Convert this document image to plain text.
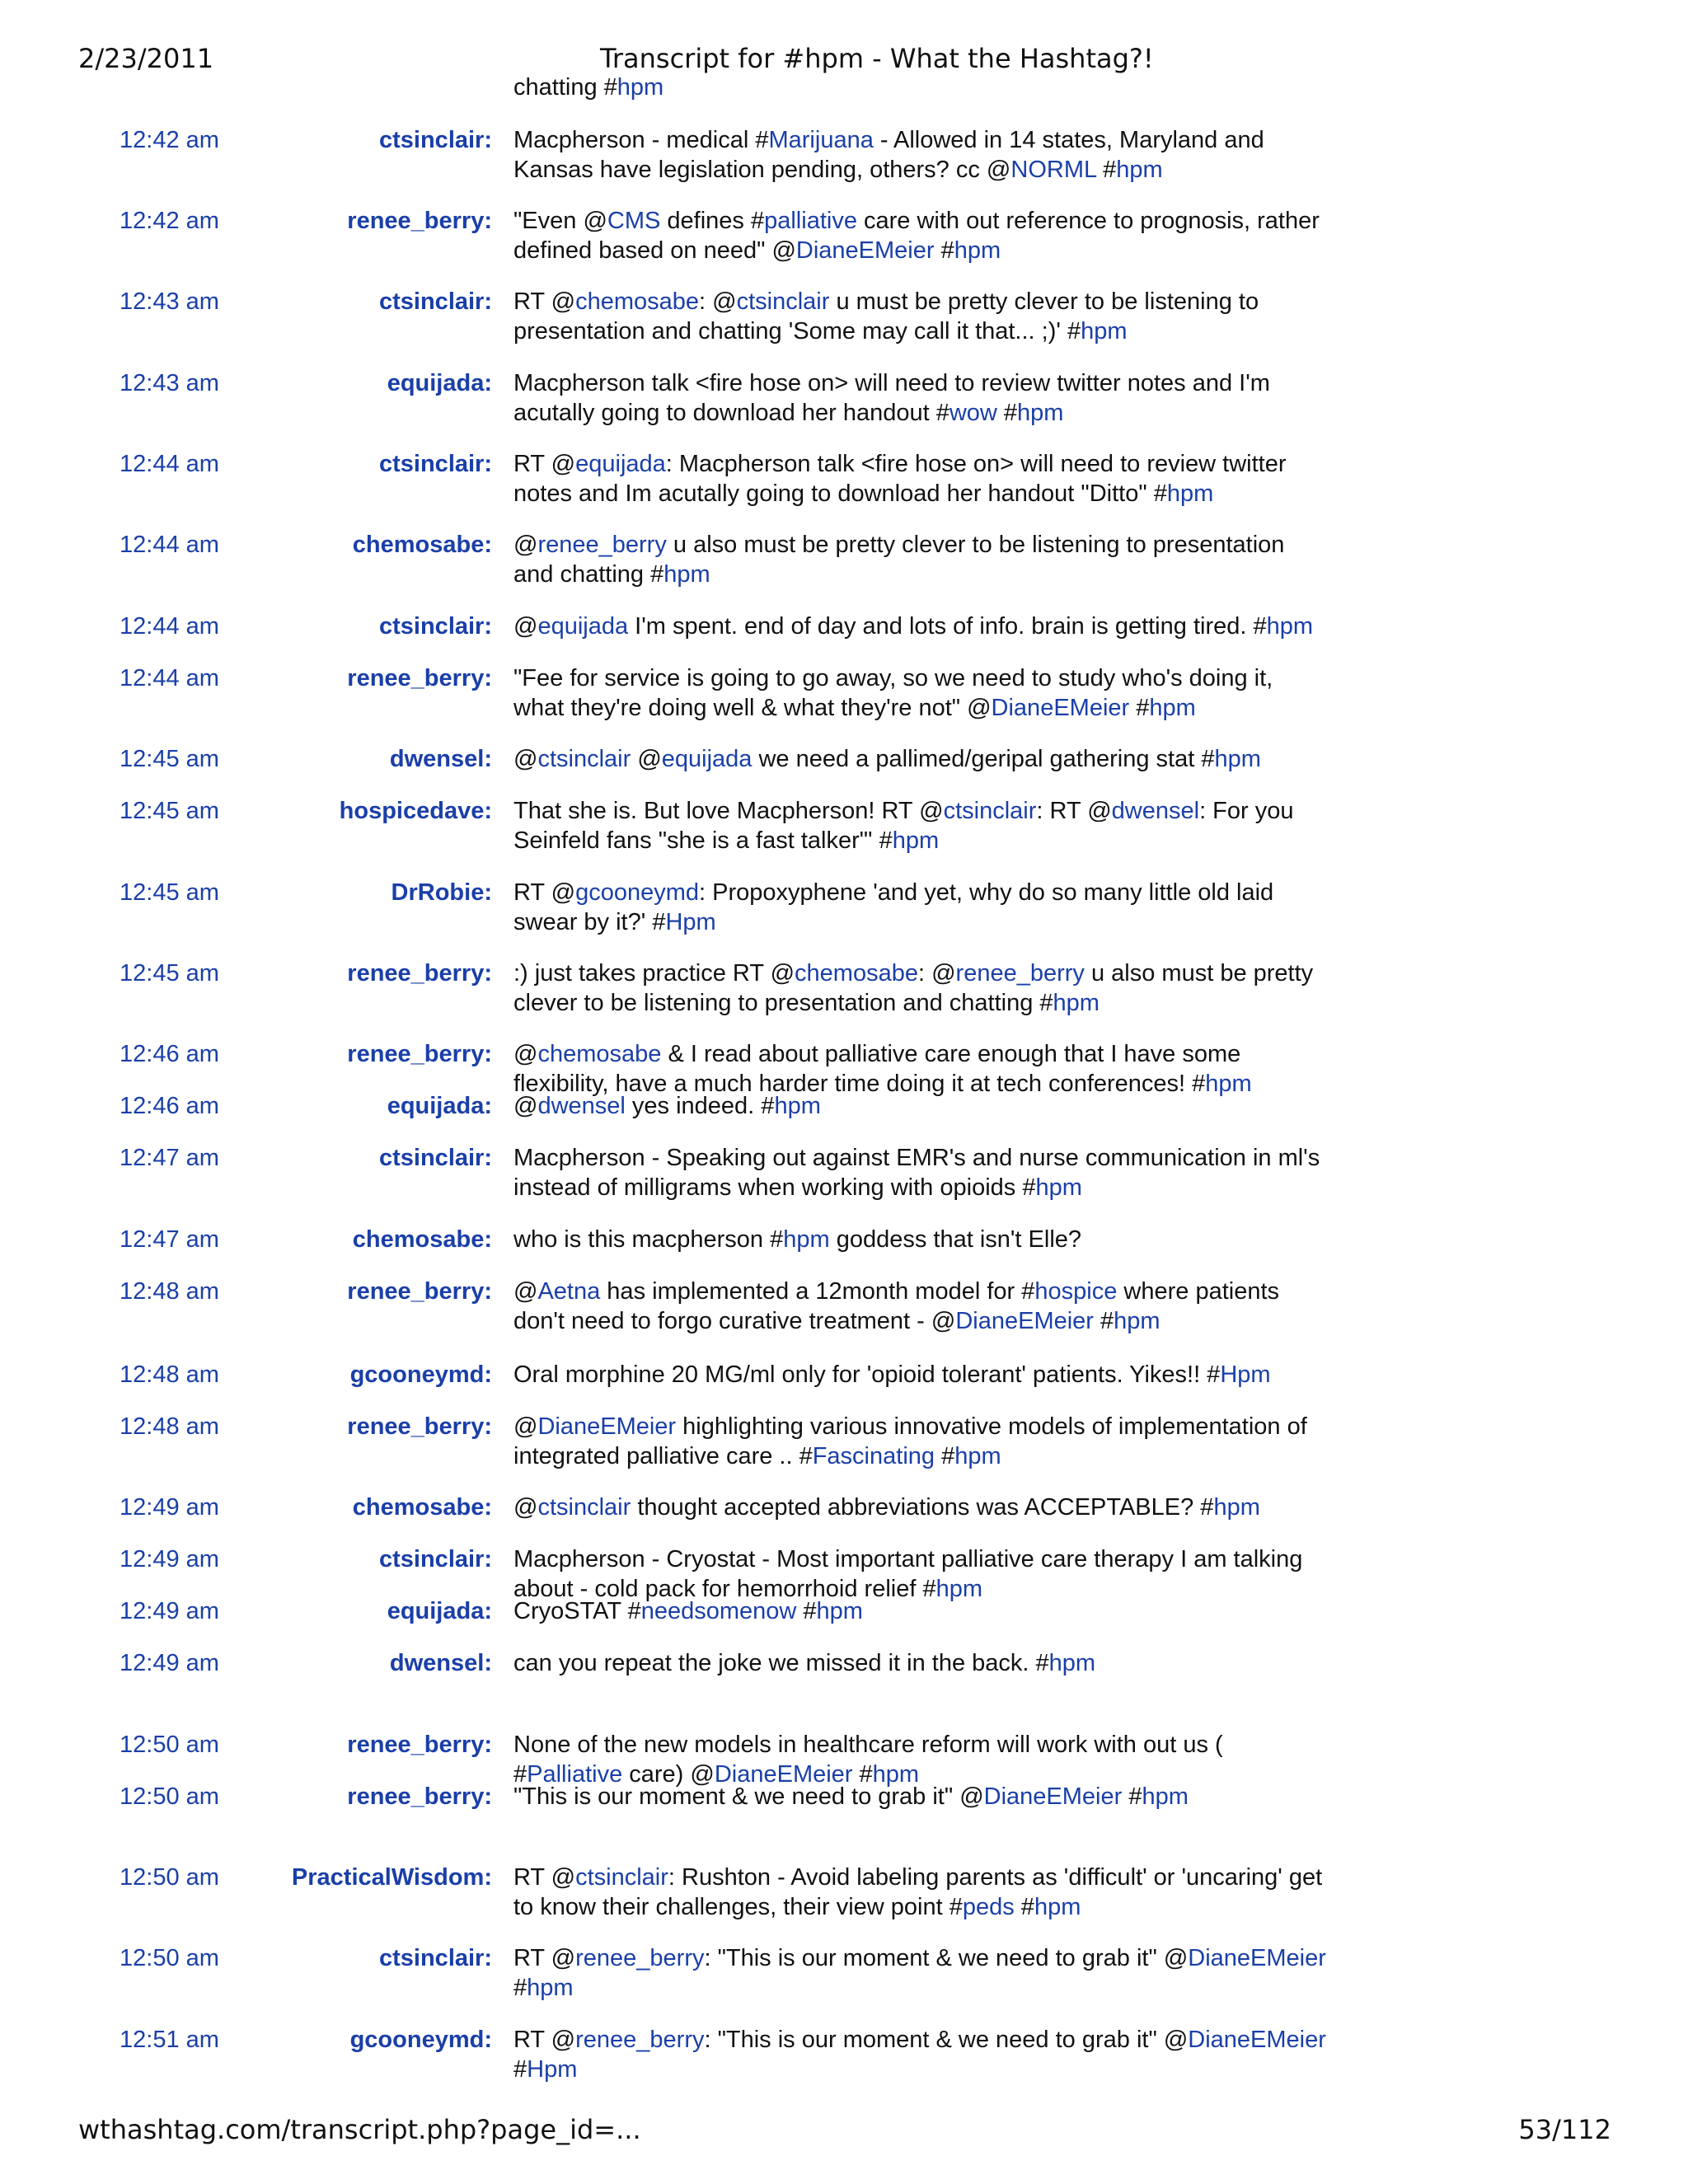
2/23/2011	Transcript for #hpm - What the Hashtag?!
chatting #hpm
12:42 am	ctsinclair: Macpherson - medical #Marijuana - Allowed in 14 states, Maryland and
Kansas have legislation pending, others? cc @NORML #hpm
12:42 am	renee_berry: "Even @CMS defines #palliative care with out reference to prognosis, rather
defined based on need" @DianeEMeier #hpm
12:43 am	ctsinclair: RT @chemosabe: @ctsinclair u must be pretty clever to be listening to
presentation and chatting 'Some may call it that... ;)' #hpm
12:43 am	equijada: Macpherson talk <fire hose on> will need to review twitter notes and I'm
acutally going to download her handout #wow #hpm
12:44 am	ctsinclair: RT @equijada: Macpherson talk <fire hose on> will need to review twitter
notes and Im acutally going to download her handout "Ditto" #hpm
12:44 am	chemosabe: @renee_berry u also must be pretty clever to be listening to presentation
and chatting #hpm
12:44 am	ctsinclair: @equijada I'm spent. end of day and lots of info. brain is getting tired. #hpm
12:44 am	renee_berry: "Fee for service is going to go away, so we need to study who's doing it,
what they're doing well & what they're not" @DianeEMeier #hpm
12:45 am	dwensel: @ctsinclair @equijada we need a pallimed/geripal gathering stat #hpm
12:45 am	hospicedave: That she is. But love Macpherson! RT @ctsinclair: RT @dwensel: For you
Seinfeld fans "she is a fast talker"' #hpm
12:45 am	DrRobie: RT @gcooneymd: Propoxyphene 'and yet, why do so many little old laid
swear by it?' #Hpm
12:45 am	renee_berry: :) just takes practice RT @chemosabe: @renee_berry u also must be pretty
clever to be listening to presentation and chatting #hpm
12:46 am	renee_berry: @chemosabe & I read about palliative care enough that I have some
flexibility, have a much harder time doing it at tech conferences! #hpm
12:46 am	equijada: @dwensel yes indeed. #hpm
12:47 am	ctsinclair: Macpherson - Speaking out against EMR's and nurse communication in ml's
instead of milligrams when working with opioids #hpm
12:47 am	chemosabe: who is this macpherson #hpm goddess that isn't Elle?
12:48 am	renee_berry: @Aetna has implemented a 12month model for #hospice where patients
don't need to forgo curative treatment - @DianeEMeier #hpm
12:48 am	gcooneymd: Oral morphine 20 MG/ml only for 'opioid tolerant' patients. Yikes!! #Hpm
12:48 am	renee_berry: @DianeEMeier highlighting various innovative models of implementation of
integrated palliative care .. #Fascinating #hpm
12:49 am	chemosabe: @ctsinclair thought accepted abbreviations was ACCEPTABLE? #hpm
12:49 am	ctsinclair: Macpherson - Cryostat - Most important palliative care therapy I am talking
about - cold pack for hemorrhoid relief #hpm
12:49 am	equijada: CryoSTAT #needsomenow #hpm
12:49 am	dwensel: can you repeat the joke we missed it in the back. #hpm
12:50 am	renee_berry: None of the new models in healthcare reform will work with out us (
#Palliative care) @DianeEMeier #hpm
12:50 am	renee_berry: "This is our moment & we need to grab it" @DianeEMeier #hpm
12:50 am	PracticalWisdom: RT @ctsinclair: Rushton - Avoid labeling parents as 'difficult' or 'uncaring' get
to know their challenges, their view point #peds #hpm
12:50 am	ctsinclair: RT @renee_berry: "This is our moment & we need to grab it" @DianeEMeier
#hpm
12:51 am	gcooneymd: RT @renee_berry: "This is our moment & we need to grab it" @DianeEMeier
#Hpm
wthashtag.com/transcript.php?page_id=...	53/112
